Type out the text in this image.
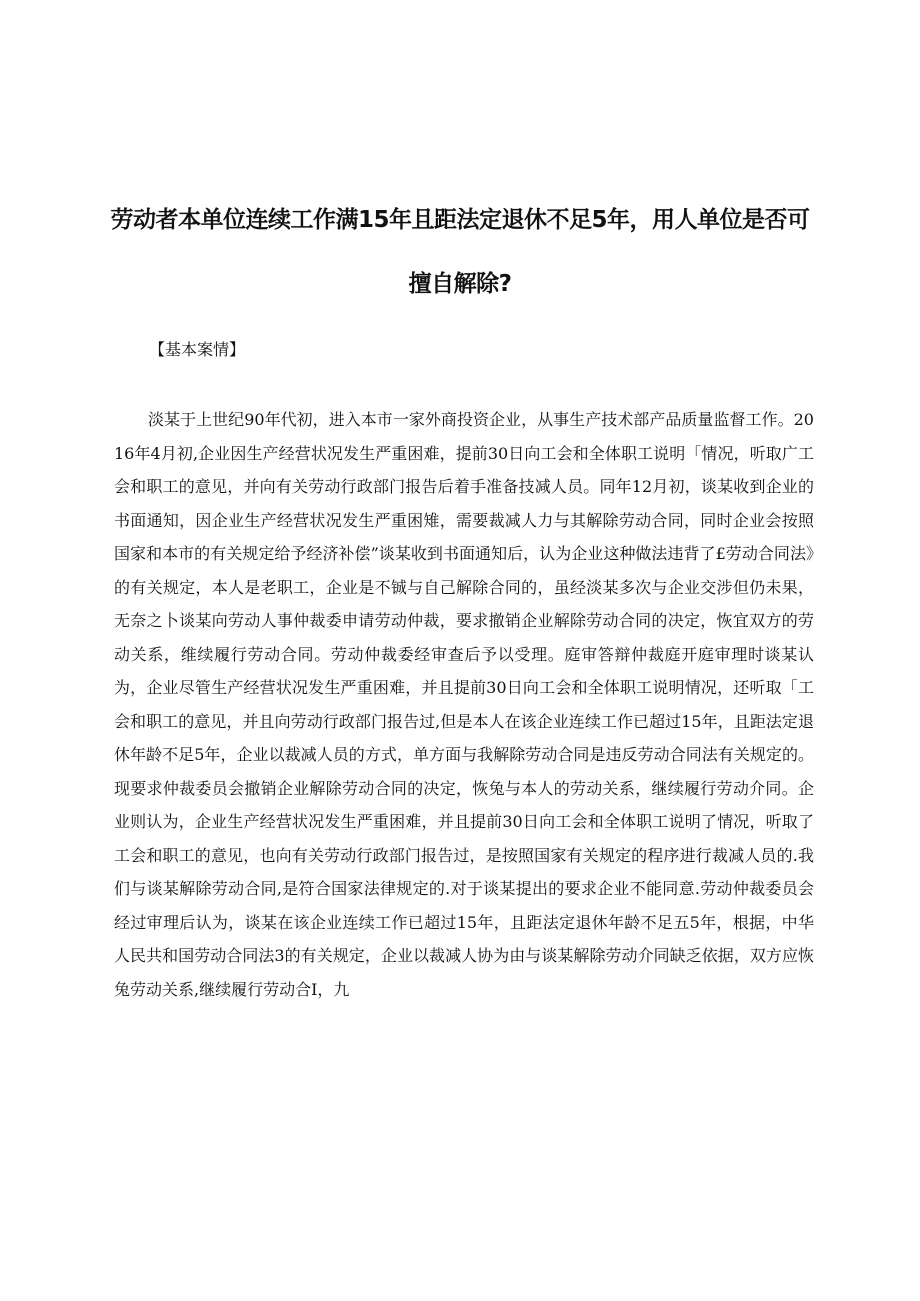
劳动者本单位连续工作满15年且距法定退休不足5年，用人单位是否可擅自解除?

【基本案情】

淡某于上世纪90年代初，进入本市一家外商投资企业，从事生产技术部产品质量监督工作。2016年4月初,企业因生产经营状况发生严重困难，提前30日向工会和全体职工说明「情况，听取广工会和职工的意见，并向有关劳动行政部门报告后着手准备技减人员。同年12月初，谈某收到企业的书面通知，因企业生产经营状况发生严重困雉，需要裁减人力与其解除劳动合同，同时企业会按照国家和本市的有关规定给予经济补偿”谈某收到书面通知后，认为企业这种做法违背了£劳动合同法》的有关规定，本人是老职工，企业是不铖与自己解除合同的，虽经淡某多次与企业交涉但仍未果，无奈之卜谈某向劳动人事仲裁委申请劳动仲裁，要求撤销企业解除劳动合同的决定，恢宜双方的劳动关系，维续履行劳动合同。劳动仲裁委经审查后予以受理。庭审答辩仲裁庭开庭审理时谈某认为，企业尽管生产经营状况发生严重困难，并且提前30日向工会和全体职工说明情况，还听取「工会和职工的意见，并且向劳动行政部门报告过,但是本人在该企业连续工作已超过15年，且距法定退休年龄不足5年，企业以裁减人员的方式，单方面与我解除劳动合同是违反劳动合同法有关规定的。现要求仲裁委员会撤销企业解除劳动合同的决定，恢兔与本人的劳动关系，继续履行劳动介同。企业则认为，企业生产经营状况发生严重困难，并且提前30日向工会和全体职工说明了情况，听取了工会和职工的意见，也向有关劳动行政部门报告过，是按照国家有关规定的程序进行裁减人员的.我们与谈某解除劳动合同,是符合国家法律规定的.对于谈某提出的要求企业不能同意.劳动仲裁委员会经过审理后认为，谈某在该企业连续工作已超过15年，且距法定退休年龄不足五5年，根据，中华人民共和国劳动合同法3的有关规定，企业以裁减人协为由与谈某解除劳动介同缺乏依据，双方应恢兔劳动关系,继续履行劳动合I，九
